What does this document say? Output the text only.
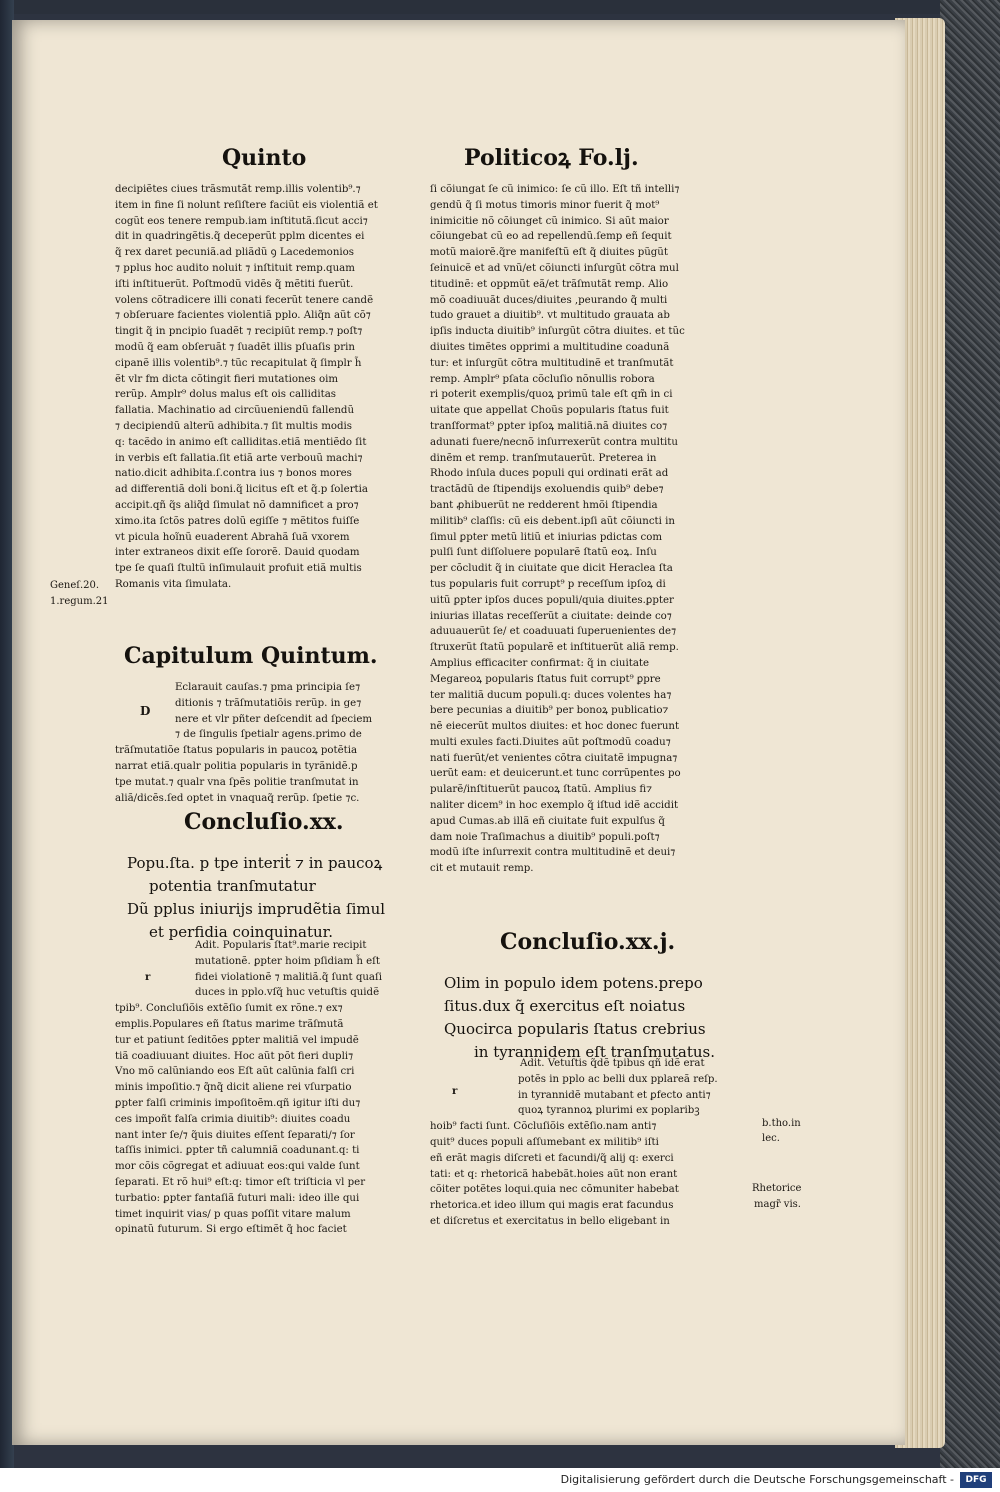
Quinto
decipiẽtes ciues trãsmutãt remp.illis volentib⁹.⁊
item in fine ſi nolunt reſiſtere faciũt eis violentiã et
cogũt eos tenere rempub.iam inſtitutã.ſicut acci⁊
dit in quadringẽtis.q̃ deceperũt pplm dicentes ei
q̃ rex daret pecuniã.ad pliãdũ ꝯ Lacedemonios
⁊ pplus hoc audito noluit ⁊ inſtituit remp.quam
iſti inſtituerũt. Poſtmodũ vidẽs q̃ mẽtiti fuerũt.
volens cõtradicere illi conati fecerũt tenere candẽ
⁊ obſeruare facientes violentiã pplo. Aliq̃n aũt cõ⁊
tingit q̃ in pncipio ſuadẽt ⁊ recipiũt remp.⁊ poſt⁊
modũ q̃ eam obſeruãt ⁊ ſuadẽt illis pſuaſis prin
cipanẽ illis volentib⁹.⁊ tũc recapitulat q̃ ſimplr h̃
ẽt vlr fm dicta cõtingit fieri mutationes oim
rerũp. Amplr⁹ dolus malus eſt ois calliditas
fallatia. Machinatio ad circũueniendũ fallendũ
⁊ decipiendũ alterũ adhibita.⁊ ſit multis modis
q: tacẽdo in animo eſt calliditas.etiã mentiẽdo ſit
in verbis eſt fallatia.ſit etiã arte verbouũ machi⁊
natio.dicit adhibita.ſ.contra ius ⁊ bonos mores
ad differentiã doli boni.q̃ licitus eſt et q̃.p ſolertia
accipit.qñ q̃s aliq̃d ſimulat nõ damnificet a pro⁊
ximo.ita ſctõs patres dolũ egiſſe ⁊ mẽtitos fuiſſe
vt picula hoĩnũ euaderent Abrahã ſuã vxorem
inter extraneos dixit eſſe ſororẽ. Dauid quodam
tpe ſe quaſi ſtultũ inſimulauit profuit etiã multis
Romanis vita ſimulata.
Geneſ.20.
1.regum.21
Capitulum Quintum.
D
Eclarauit cauſas.⁊ pma principia ſe⁊
ditionis ⁊ trãſmutatiõis rerũp. in ge⁊
nere et vlr pñter deſcendit ad ſpeciem
⁊ de ſingulis ſpetialr agens.primo de
trãſmutatiõe ſtatus popularis in paucoꝝ potẽtia
narrat etiã.qualr politia popularis in tyrãnidẽ.p
tpe mutat.⁊ qualr vna ſpẽs politie tranſmutat in
aliã/dicẽs.ſed optet in vnaquaq̃ rerũp. ſpetie ⁊c.
Concluſio.xx.
Popu.ſta. p tpe interiṫ ⁊ in paucoꝝ
potentia tranſmutatur
Dũ pplus iniurijs imprudẽtia ſimul
et perfidia coinquinatur.
r
Adit. Popularis ſtat⁹.marie recipit
mutationẽ. ꝑpter hoim pſidiam h̃ eſt
fidei violationẽ ⁊ malitiã.q̃ ſunt quaſi
duces in pplo.vſq̃ huc vetuſtis quidẽ
tpib⁹. Concluſiõis extẽſio ſumit ex rõne.⁊ ex⁊
emplis.Populares eñ ſtatus marime trãſmutã
tur et patiunt ſeditões ꝑpter malitiã vel impudẽ
tiã coadiuuant diuites. Hoc aũt põt fieri dupli⁊
Vno mõ calũniando eos Eſt aũt calũnia falſi cri
minis impoſitio.⁊ q̃nq̃ dicit aliene rei vſurpatio
ꝑpter falſi criminis impoſitoẽm.qñ igitur iſti du⁊
ces impoñt falſa crimia diuitib⁹: diuites coadu
nant inter ſe/⁊ q̃uis diuites eſſent ſeparati/⁊ ſor
taſſis inimici. ꝑpter tñ calumniã coadunant.q: ti
mor cõis cõgregat et adiuuat eos:qui valde ſunt
ſeparati. Et rõ hui⁹ eſt:q: timor eſt triſticia vl per
turbatio: ꝑpter fantaſiã futuri mali: ideo ille qui
timet inquirit vias/ p quas poſſit vitare malum
opinatũ futurum. Si ergo eſtimẽt q̃ hoc faciet
Politicoꝝ Fo.lj.
ſi cõiungat ſe cũ inimico: ſe cũ illo. Eſt tñ intelli⁊
gendũ q̃ ſi motus timoris minor fuerit q̃ mot⁹
inimicitie nõ cõiunget cũ inimico. Si aũt maior
cõiungebat cũ eo ad repellendũ.ſemp eñ ſequit
motũ maiorẽ.q̃re manifeſtũ eſt q̃ diuites pũgũt
ſeinuicẽ et ad vnũ/et cõiuncti inſurgũt cõtra mul
titudinẽ: et oppmũt eã/et trãſmutãt remp. Alio
mõ coadiuuãt duces/diuites ,peurando q̃ multi
tudo grauet a diuitib⁹. vt multitudo grauata ab
ipſis inducta diuitib⁹ inſurgũt cõtra diuites. et tũc
diuites timẽtes opprimi a multitudine coadunã
tur: et inſurgũt cõtra multitudinẽ et tranſmutãt
remp. Amplr⁹ pſata cõcluſio nõnullis robora
ri poterit exemplis/quoꝝ primũ tale eſt qm̃ in ci
uitate que appellat Choũs popularis ſtatus fuit
tranſformat⁹ ꝑpter ipſoꝝ malitiã.nã diuites co⁊
adunati fuere/necnõ inſurrexerũt contra multitu
dinẽm et remp. tranſmutauerũt. Preterea in
Rhodo inſula duces populi qui ordinati erãt ad
tractãdũ de ſtipendijs exoluendis quib⁹ debe⁊
bant ꝓhibuerũt ne redderent hmõi ſtipendia
militib⁹ claſſis: cũ eis debent.ipſi aũt cõiuncti in
ſimul ꝑpter metũ litiũ et iniurias pdictas com
pulſi ſunt diſſoluere popularẽ ſtatũ eoꝝ. Inſu
per cõcludit q̃ in ciuitate que dicit Heraclea ſta
tus popularis fuit corrupt⁹ p receſſum ipſoꝝ di
uitũ ꝑpter ipſos duces populi/quia diuites.ꝑpter
iniurias illatas receſſerũt a ciuitate: deinde co⁊
aduuauerũt ſe/ et coaduuati ſuperuenientes de⁊
ſtruxerũt ſtatũ popularẽ et inſtituerũt aliã remp.
Amplius efficaciter confirmat: q̃ in ciuitate
Megareoꝝ popularis ſtatus fuit corrupt⁹ ꝑpre
ter malitiã ducum populi.q: duces volentes ha⁊
bere pecunias a diuitib⁹ per bonoꝝ publicatio⁊
nẽ eiecerũt multos diuites: et hoc donec fuerunt
multi exules facti.Diuites aũt poſtmodũ coadu⁊
nati fuerũt/et venientes cõtra ciuitatẽ impugna⁊
uerũt eam: et deuicerunt.et tunc corrũpentes po
pularẽ/inſtituerũt paucoꝝ ſtatũ. Amplius fi⁊
naliter dicem⁹ in hoc exemplo q̃ iſtud idẽ accidit
apud Cumas.ab illã eñ ciuitate fuit expulſus q̃
dam noie Traſimachus a diuitib⁹ populi.poſt⁊
modũ iſte inſurrexit contra multitudinẽ et deui⁊
cit et mutauit remp.
Concluſio.xx.j.
Olim in populo idem potens.prepo
ſitus.dux q̃ exercitus eſt noiatus
Quocirca popularis ſtatus crebrius
in tyrannidem eſt tranſmutatus.
r
Adit. Vetuſtis q̃dẽ tpibus qñ idẽ erat
potẽs in pplo ac belli dux pplareã reſp.
in tyrannidẽ mutabant et ꝑfecto anti⁊
quoꝝ tyrannoꝝ plurimi ex poplaribꝫ
hoib⁹ facti ſunt. Cõcluſiõis extẽſio.nam anti⁊
quit⁹ duces populi aſſumebant ex militib⁹ iſti
eñ erãt magis diſcreti et facundi/q̃ alij q: exerci
tati: et q: rhetoricã habebãt.hoies aũt non erant
cõiter potẽtes loqui.quia nec cõmuniter habebat
rhetorica.et ideo illum qui magis erat facundus
et diſcretus et exercitatus in bello eligebant in
b.tho.in
lec.
Rhetorice
magr̃ vis.
Digitalisierung gefördert durch die Deutsche Forschungsgemeinschaft -	DFG
